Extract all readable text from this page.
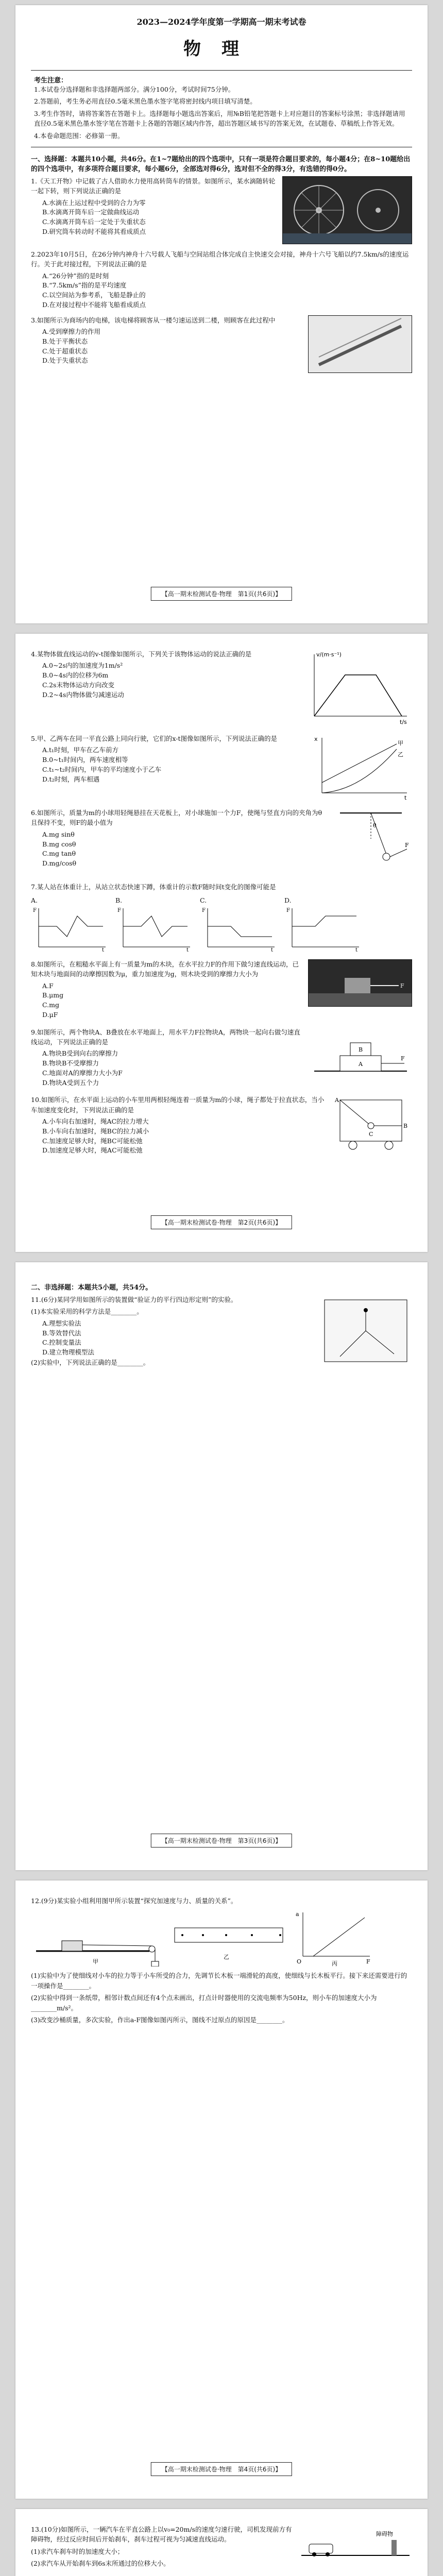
2023—2024学年度第一学期高一期末考试卷
物理
考生注意：
1.本试卷分选择题和非选择题两部分。满分100分，考试时间75分钟。
2.答题前，考生务必用直径0.5毫米黑色墨水签字笔将密封线内项目填写清楚。
3.考生作答时，请将答案答在答题卡上。选择题每小题选出答案后，用№B铅笔把答题卡上对应题目的答案标号涂黑；非选择题请用直径0.5毫米黑色墨水签字笔在答题卡上各题的答题区域内作答，超出答题区域书写的答案无效，在试题卷、草稿纸上作答无效。
4.本卷命题范围：必修第一册。
一、选择题：本题共10小题，共46分。在1~7题给出的四个选项中，只有一项是符合题目要求的，每小题4分；在8~10题给出的四个选项中，有多项符合题目要求，每小题6分，全部选对得6分，选对但不全的得3分，有选错的得0分。
1.《天工开物》中记载了古人借助水力使用高转筒车的情景。如图所示，某水滴随转轮一起下转，则下列说法正确的是
A.水滴在上运过程中受到的合力为零
B.水滴离开筒车后一定做曲线运动
C.水滴离开筒车后一定处于失重状态
D.研究筒车转动时不能将其看成质点
2.2023年10月5日，在26分钟内神舟十六号载人飞船与空间站组合体完成自主快速交会对接，神舟十六号飞船以约7.5km/s的速度运行。关于此对接过程，下列说法正确的是
A.“26分钟”指的是时刻
B.“7.5km/s”指的是平均速度
C.以空间站为参考系，飞船是静止的
D.在对接过程中不能将飞船看成质点
3.如图所示为商场内的电梯，该电梯将顾客从一楼匀速运送到二楼，则顾客在此过程中
A.受到摩擦力的作用
B.处于平衡状态
C.处于超重状态
D.处于失重状态
【高一期末检测试卷·物理　第1页(共6页)】
v/(m·s⁻¹)
t/s
4.某物体做直线运动的v-t图像如图所示，下列关于该物体运动的说法正确的是
A.0~2s内的加速度为1m/s²
B.0~4s内的位移为6m
C.2s末物体运动方向改变
D.2~4s内物体做匀减速运动
x
t
甲
乙
5.甲、乙两车在同一平直公路上同向行驶，它们的x-t图像如图所示，下列说法正确的是
A.t₁时刻，甲车在乙车前方
B.0~t₁时间内，两车速度相等
C.t₁~t₂时间内，甲车的平均速度小于乙车
D.t₂时刻，两车相遇
F
θ
6.如图所示，质量为m的小球用轻绳悬挂在天花板上，对小球施加一个力F，使绳与竖直方向的夹角为θ且保持不变，则F的最小值为
A.mg sinθ
B.mg cosθ
C.mg tanθ
D.mg/cosθ
7.某人站在体重计上，从站立状态快速下蹲，体重计的示数F随时间t变化的图像可能是
A.
F
t
B.
F
t
C.
F
t
D.
F
t
F
8.如图所示，在粗糙水平面上有一质量为m的木块，在水平拉力F的作用下做匀速直线运动，已知木块与地面间的动摩擦因数为μ，重力加速度为g，则木块受到的摩擦力大小为
A.F
B.μmg
C.mg
D.μF
A
B
F
9.如图所示，两个物块A、B叠放在水平地面上，用水平力F拉物块A，两物块一起向右做匀速直线运动，下列说法正确的是
A.物块B受到向右的摩擦力
B.物块B不受摩擦力
C.地面对A的摩擦力大小为F
D.物块A受到五个力
A
B
C
10.如图所示，在水平面上运动的小车里用两根轻绳连着一质量为m的小球，绳子都处于拉直状态，当小车加速度变化时，下列说法正确的是
A.小车向右加速时，绳AC的拉力增大
B.小车向右加速时，绳BC的拉力减小
C.加速度足够大时，绳BC可能松弛
D.加速度足够大时，绳AC可能松弛
【高一期末检测试卷·物理　第2页(共6页)】
二、非选择题：本题共5小题，共54分。
11.(6分)某同学用如图所示的装置做“验证力的平行四边形定则”的实验。
(1)本实验采用的科学方法是________。
A.理想实验法
B.等效替代法
C.控制变量法
D.建立物理模型法
(2)实验中，下列说法正确的是________。
【高一期末检测试卷·物理　第3页(共6页)】
12.(9分)某实验小组利用图甲所示装置“探究加速度与力、质量的关系”。
甲
乙
a
F
O	丙
(1)实验中为了使细线对小车的拉力等于小车所受的合力，先调节长木板一端滑轮的高度，使细线与长木板平行。接下来还需要进行的一项操作是________。
(2)实验中得到一条纸带，相邻计数点间还有4个点未画出，打点计时器使用的交流电频率为50Hz，则小车的加速度大小为________m/s²。
(3)改变沙桶质量，多次实验，作出a-F图像如图丙所示，图线不过原点的原因是________。
【高一期末检测试卷·物理　第4页(共6页)】
障碍物
13.(10分)如图所示，一辆汽车在平直公路上以v₀=20m/s的速度匀速行驶，司机发现前方有障碍物，经过反应时间后开始刹车，刹车过程可视为匀减速直线运动。
(1)求汽车刹车时的加速度大小；
(2)求汽车从开始刹车到6s末所通过的位移大小。
